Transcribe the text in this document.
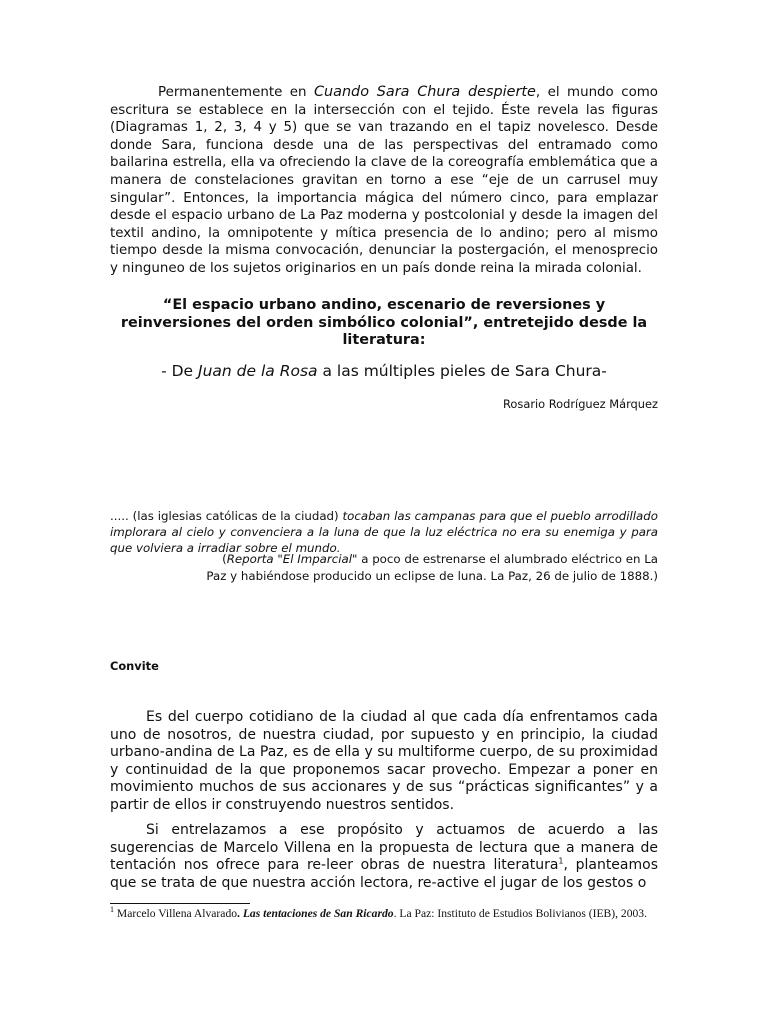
Permanentemente en Cuando Sara Chura despierte, el mundo como escritura se establece en la intersección con el tejido. Éste revela las figuras (Diagramas 1, 2, 3, 4 y 5) que se van trazando en el tapiz novelesco. Desde donde Sara, funciona desde una de las perspectivas del entramado como bailarina estrella, ella va ofreciendo la clave de la coreografía emblemática que a manera de constelaciones gravitan en torno a ese “eje de un carrusel muy singular”. Entonces, la importancia mágica del número cinco, para emplazar desde el espacio urbano de La Paz moderna y postcolonial y desde la imagen del textil andino, la omnipotente y mítica presencia de lo andino; pero al mismo tiempo desde la misma convocación, denunciar la postergación, el menosprecio y ninguneo de los sujetos originarios en un país donde reina la mirada colonial.

“El espacio urbano andino, escenario de reversiones y reinversiones del orden simbólico colonial”, entretejido desde la literatura:

- De Juan de la Rosa a las múltiples pieles de Sara Chura-

Rosario Rodríguez Márquez

..... (las iglesias católicas de la ciudad) tocaban las campanas para que el pueblo arrodillado implorara al cielo y convenciera a la luna de que la luz eléctrica no era su enemiga y para que volviera a irradiar sobre el mundo.

(Reporta "El Imparcial" a poco de estrenarse el alumbrado eléctrico en La
Paz y habiéndose producido un eclipse de luna. La Paz, 26 de julio de 1888.)

Convite

Es del cuerpo cotidiano de la ciudad al que cada día enfrentamos cada uno de nosotros, de nuestra ciudad, por supuesto y en principio, la ciudad urbano-andina de La Paz, es de ella y su multiforme cuerpo, de su proximidad y continuidad de la que proponemos sacar provecho. Empezar a poner en movimiento muchos de sus accionares y de sus “prácticas significantes” y a partir de ellos ir construyendo nuestros sentidos.

Si entrelazamos a ese propósito y actuamos de acuerdo a las sugerencias de Marcelo Villena en la propuesta de lectura que a manera de tentación nos ofrece para re-leer obras de nuestra literatura$^1$, planteamos que se trata de que nuestra acción lectora, re-active el jugar de los gestos o

$^1$ Marcelo Villena Alvarado. Las tentaciones de San Ricardo. La Paz: Instituto de Estudios Bolivianos (IEB), 2003.
